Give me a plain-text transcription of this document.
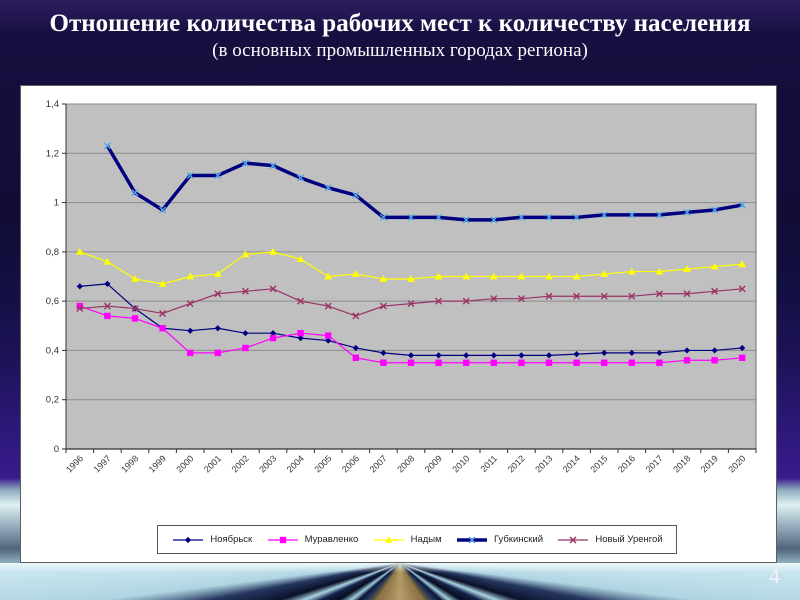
Отношение количества рабочих мест к количеству населения
(в основных промышленных городах региона)
0
0,2
0,4
0,6
0,8
1
1,2
1,4
1996 1997 1998 1999 2000 2001 2002 2003 2004 2005 2006 2007 2008 2009 2010 2011 2012 2013 2014 2015 2016 2017 2018 2019 2020
Ноябрьск	Муравленко	Надым	Губкинский	Новый Уренгой
4
